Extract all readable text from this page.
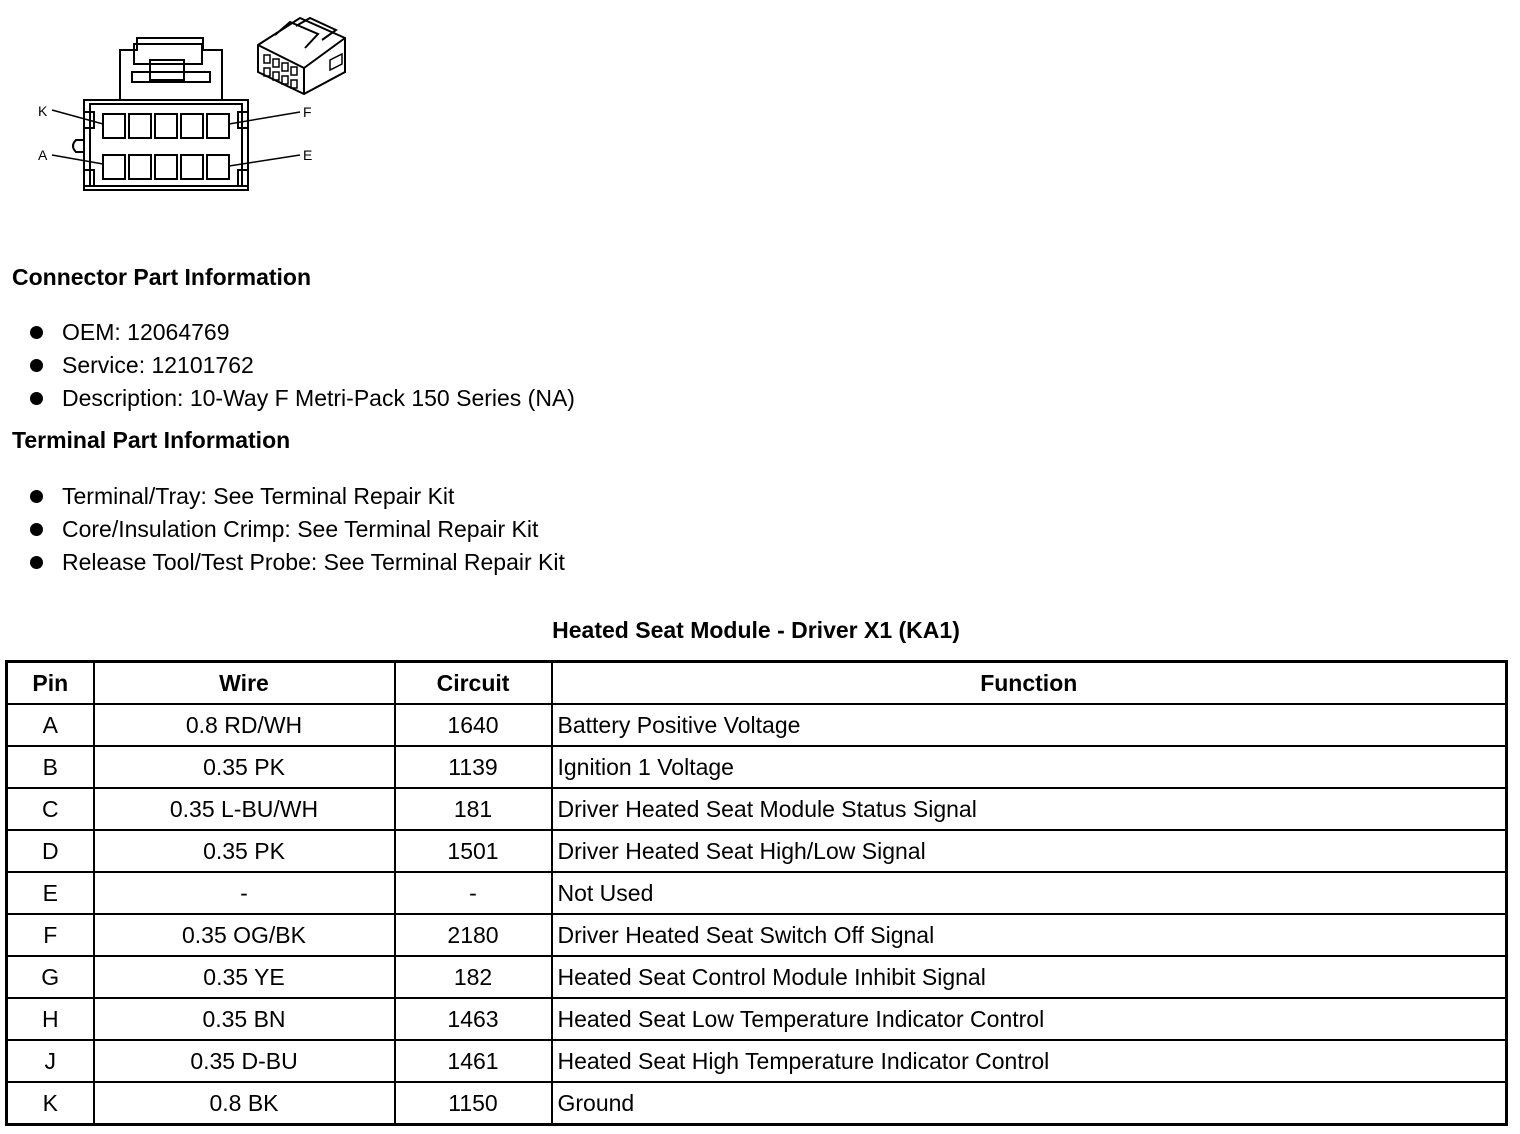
K	F
A	E
Connector Part Information
OEM: 12064769
Service: 12101762
Description: 10-Way F Metri-Pack 150 Series (NA)
Terminal Part Information
Terminal/Tray: See Terminal Repair Kit
Core/Insulation Crimp: See Terminal Repair Kit
Release Tool/Test Probe: See Terminal Repair Kit
Heated Seat Module - Driver X1 (KA1)
Pin	Wire	Circuit	Function
A	0.8 RD/WH	1640	Battery Positive Voltage
B	0.35 PK	1139	Ignition 1 Voltage
C	0.35 L-BU/WH	181	Driver Heated Seat Module Status Signal
D	0.35 PK	1501	Driver Heated Seat High/Low Signal
E	-	-	Not Used
F	0.35 OG/BK	2180	Driver Heated Seat Switch Off Signal
G	0.35 YE	182	Heated Seat Control Module Inhibit Signal
H	0.35 BN	1463	Heated Seat Low Temperature Indicator Control
J	0.35 D-BU	1461	Heated Seat High Temperature Indicator Control
K	0.8 BK	1150	Ground
